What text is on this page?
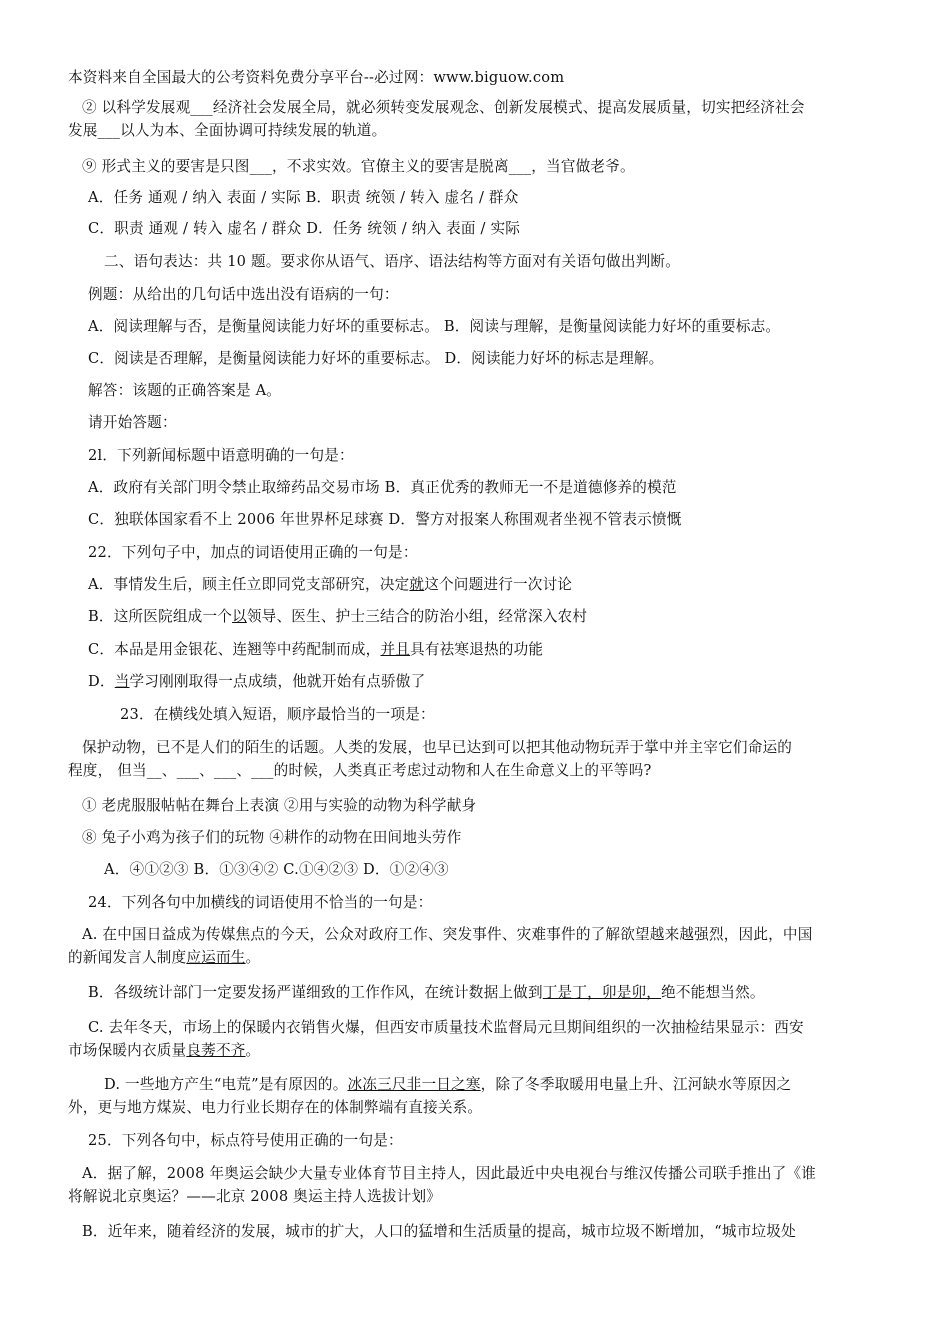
本资料来自全国最大的公考资料免费分享平台--必过网：www.biguow.com
② 以科学发展观___经济社会发展全局，就必须转变发展观念、创新发展模式、提高发展质量，切实把经济社会
发展___以人为本、全面协调可持续发展的轨道。
⑨ 形式主义的要害是只图___，不求实效。官僚主义的要害是脱离___，当官做老爷。
A．任务 通观 / 纳入 表面 / 实际 B．职责 统领 / 转入 虚名 / 群众
C．职责 通观 / 转入 虚名 / 群众 D．任务 统领 / 纳入 表面 / 实际
二、语句表达：共 10 题。要求你从语气、语序、语法结构等方面对有关语句做出判断。
例题：从给出的几句话中选出没有语病的一句：
A．阅读理解与否，是衡量阅读能力好坏的重要标志。 B．阅读与理解，是衡量阅读能力好坏的重要标志。
C．阅读是否理解，是衡量阅读能力好坏的重要标志。 D．阅读能力好坏的标志是理解。
解答：该题的正确答案是 A。
请开始答题：
2l．下列新闻标题中语意明确的一句是：
A．政府有关部门明令禁止取缔药品交易市场 B．真正优秀的教师无一不是道德修养的模范
C．独联体国家看不上 2006 年世界杯足球赛 D．警方对报案人称围观者坐视不管表示愤慨
22．下列句子中，加点的词语使用正确的一句是：
A．事情发生后，顾主任立即同党支部研究，决定就这个问题进行一次讨论
B．这所医院组成一个以领导、医生、护士三结合的防治小组，经常深入农村
C．本品是用金银花、连翘等中药配制而成，并且具有祛寒退热的功能
D．当学习刚刚取得一点成绩，他就开始有点骄傲了
23．在横线处填入短语，顺序最恰当的一项是：
保护动物，已不是人们的陌生的话题。人类的发展，也早已达到可以把其他动物玩弄于掌中并主宰它们命运的
程度， 但当__、___、___、___的时候，人类真正考虑过动物和人在生命意义上的平等吗?
① 老虎服服帖帖在舞台上表演 ②用与实验的动物为科学献身
⑧ 兔子小鸡为孩子们的玩物 ④耕作的动物在田间地头劳作
A．④①②③ B．①③④② C.①④②③ D．①②④③
24．下列各句中加横线的词语使用不恰当的一句是：
A. 在中国日益成为传媒焦点的今天，公众对政府工作、突发事件、灾难事件的了解欲望越来越强烈，因此，中国
的新闻发言人制度应运而生。
B．各级统计部门一定要发扬严谨细致的工作作风，在统计数据上做到丁是丁，卯是卯，绝不能想当然。
C. 去年冬天，市场上的保暖内衣销售火爆，但西安市质量技术监督局元旦期间组织的一次抽检结果显示：西安
市场保暖内衣质量良莠不齐。
D. 一些地方产生“电荒”是有原因的。冰冻三尺非一日之寒，除了冬季取暖用电量上升、江河缺水等原因之
外，更与地方煤炭、电力行业长期存在的体制弊端有直接关系。
25．下列各句中，标点符号使用正确的一句是：
A．据了解，2008 年奥运会缺少大量专业体育节目主持人，因此最近中央电视台与维汉传播公司联手推出了《谁
将解说北京奥运？——北京 2008 奥运主持人选拔计划》
B．近年来，随着经济的发展，城市的扩大，人口的猛增和生活质量的提高，城市垃圾不断增加，“城市垃圾处
